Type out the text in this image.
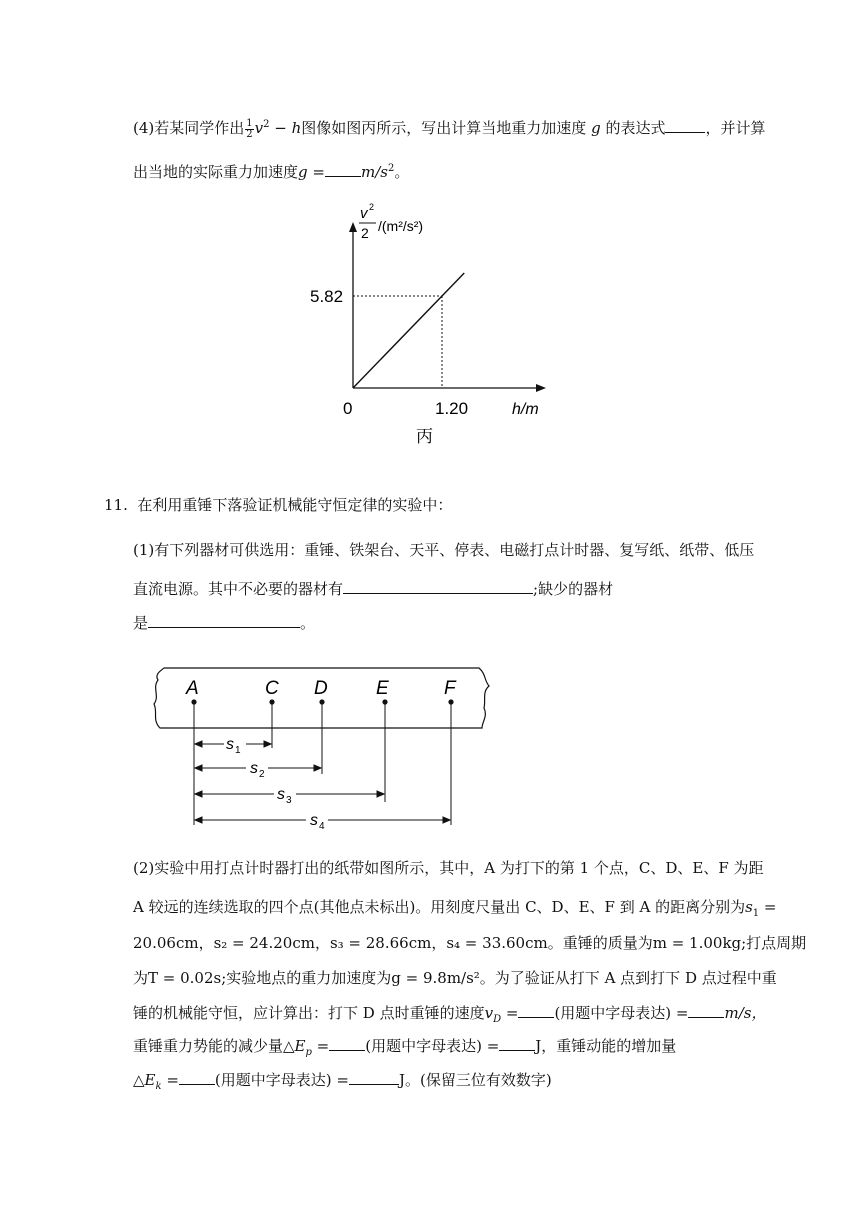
(4)若某同学作出 $\frac{1}{2} v^2 - h$图像如图丙所示，写出计算当地重力加速度 g 的表达式	，并计算
出当地的实际重力加速度$g = m/s^2$。
v 2
2 /(m²/s²)
5.82
0	1.20	h/m
丙
11. 在利用重锤下落验证机械能守恒定律的实验中：
(1)有下列器材可供选用：重锤、铁架台、天平、停表、电磁打点计时器、复写纸、纸带、低压
直流电源。其中不必要的器材有	;缺少的器材
是	。
A	C D	E	F
s 1
s 2
s 3
s 4
(2)实验中用打点计时器打出的纸带如图所示，其中，A 为打下的第 1 个点，C、D、E、F 为距
A 较远的连续选取的四个点(其他点未标出)。用刻度尺量出 C、D、E、F 到 A 的距离分别为$s_1$ =
20.06cm，s₂ = 24.20cm，s₃ = 28.66cm，s₄ = 33.60cm。重锤的质量为m = 1.00kg;打点周期
为T = 0.02s;实验地点的重力加速度为g = 9.8m/s²。为了验证从打下 A 点到打下 D 点过程中重
锤的机械能守恒，应计算出：打下 D 点时重锤的速度$v_D$ = (用题中字母表达) = m/s，
重锤重力势能的减少量$\triangle E_p$ = (用题中字母表达) = J，重锤动能的增加量
$\triangle E_k$ = (用题中字母表达) =	J。(保留三位有效数字)
